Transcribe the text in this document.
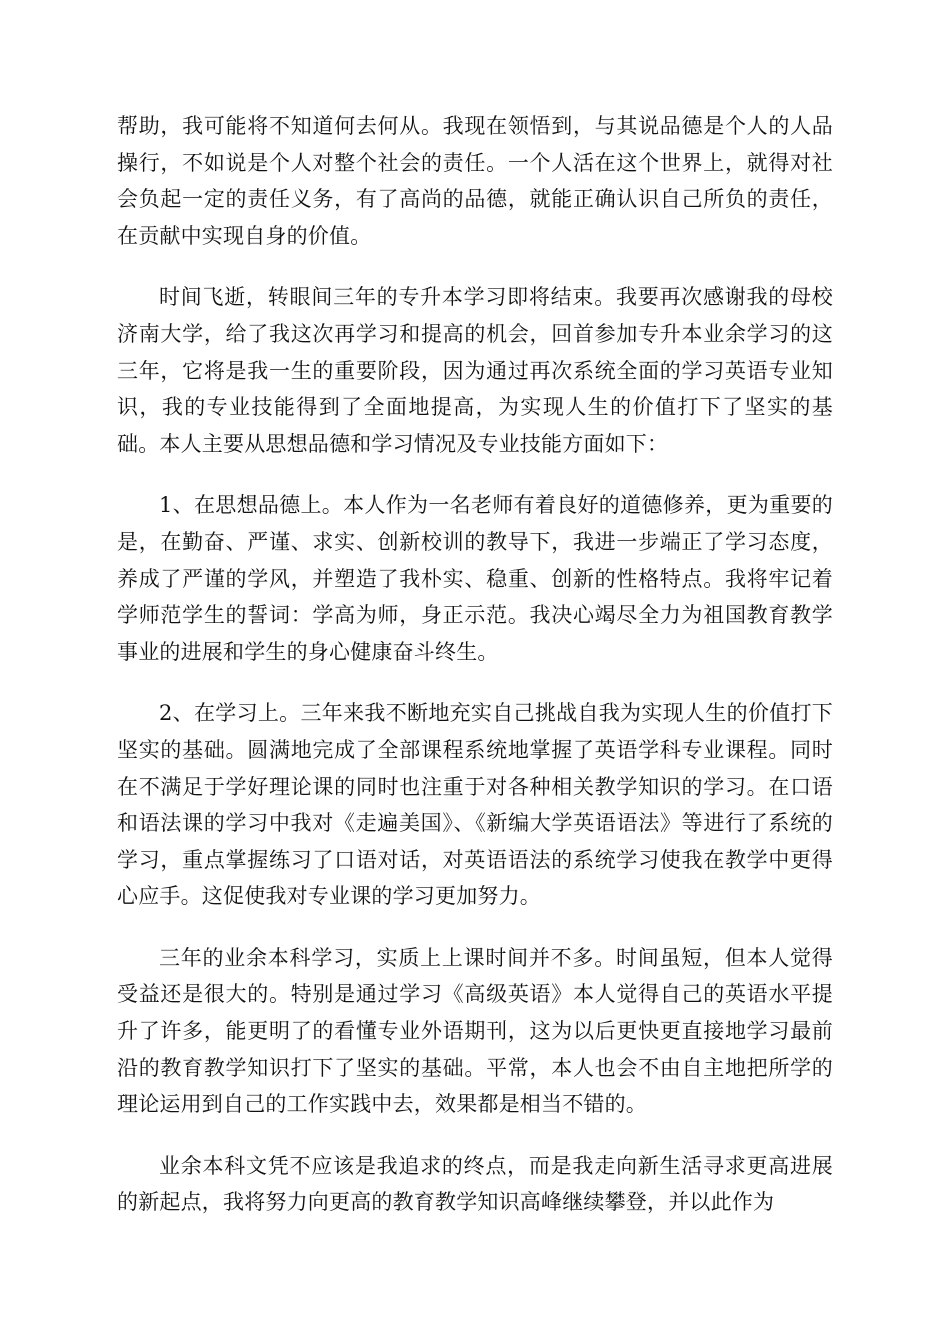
帮助，我可能将不知道何去何从。我现在领悟到，与其说品德是个人的人品操行，不如说是个人对整个社会的责任。一个人活在这个世界上，就得对社会负起一定的责任义务，有了高尚的品德，就能正确认识自己所负的责任，在贡献中实现自身的价值。

时间飞逝，转眼间三年的专升本学习即将结束。我要再次感谢我的母校济南大学，给了我这次再学习和提高的机会，回首参加专升本业余学习的这三年，它将是我一生的重要阶段，因为通过再次系统全面的学习英语专业知识，我的专业技能得到了全面地提高，为实现人生的价值打下了坚实的基础。本人主要从思想品德和学习情况及专业技能方面如下：

1、在思想品德上。本人作为一名老师有着良好的道德修养，更为重要的是，在勤奋、严谨、求实、创新校训的教导下，我进一步端正了学习态度，养成了严谨的学风，并塑造了我朴实、稳重、创新的性格特点。我将牢记着学师范学生的誓词：学高为师，身正示范。我决心竭尽全力为祖国教育教学事业的进展和学生的身心健康奋斗终生。

2、在学习上。三年来我不断地充实自己挑战自我为实现人生的价值打下坚实的基础。圆满地完成了全部课程系统地掌握了英语学科专业课程。同时在不满足于学好理论课的同时也注重于对各种相关教学知识的学习。在口语和语法课的学习中我对《走遍美国》、《新编大学英语语法》等进行了系统的学习，重点掌握练习了口语对话，对英语语法的系统学习使我在教学中更得心应手。这促使我对专业课的学习更加努力。

三年的业余本科学习，实质上上课时间并不多。时间虽短，但本人觉得受益还是很大的。特别是通过学习《高级英语》本人觉得自己的英语水平提升了许多，能更明了的看懂专业外语期刊，这为以后更快更直接地学习最前沿的教育教学知识打下了坚实的基础。平常，本人也会不由自主地把所学的理论运用到自己的工作实践中去，效果都是相当不错的。

业余本科文凭不应该是我追求的终点，而是我走向新生活寻求更高进展的新起点，我将努力向更高的教育教学知识高峰继续攀登，并以此作为
